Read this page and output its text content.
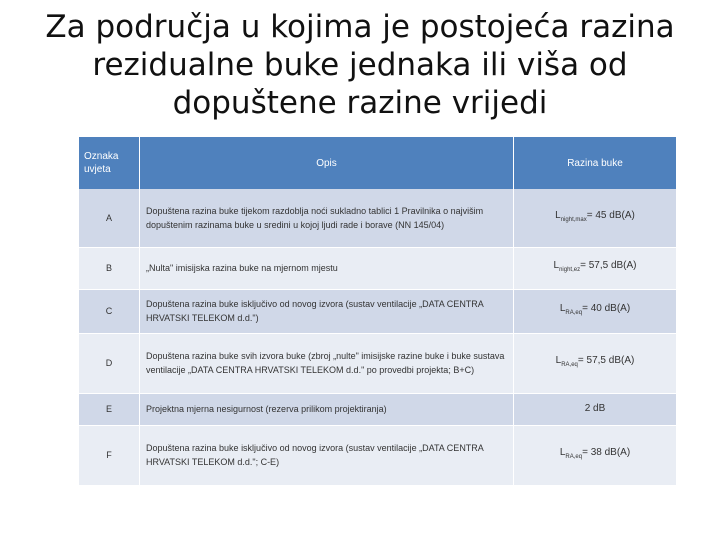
Za područja u kojima je postojeća razina rezidualne buke jednaka ili viša od dopuštene razine vrijedi
Oznaka uvjeta	Opis	Razina buke
A	Dopuštena razina buke tijekom razdoblja noći sukladno tablici 1 Pravilnika o najvišim dopuštenim razinama buke u sredini u kojoj ljudi rade i borave (NN 145/04)	$L_{night,max}= 45$ dB(A)
B	„Nulta" imisijska razina buke na mjernom mjestu	$L_{night,ez}= 57,5$ dB(A)
C	Dopuštena razina buke isključivo od novog izvora (sustav ventilacije „DATA CENTRA HRVATSKI TELEKOM d.d.")	$L_{RA,eq}= 40$ dB(A)
D	Dopuštena razina buke svih izvora buke (zbroj „nulte" imisijske razine buke i buke sustava ventilacije „DATA CENTRA HRVATSKI TELEKOM d.d." po provedbi projekta; B+C)	$L_{RA,eq}= 57,5$ dB(A)
E	Projektna mjerna nesigurnost (rezerva prilikom projektiranja)	2 dB
F	Dopuštena razina buke isključivo od novog izvora (sustav ventilacije „DATA CENTRA HRVATSKI TELEKOM d.d."; C-E)	$L_{RA,eq}= 38$ dB(A)
